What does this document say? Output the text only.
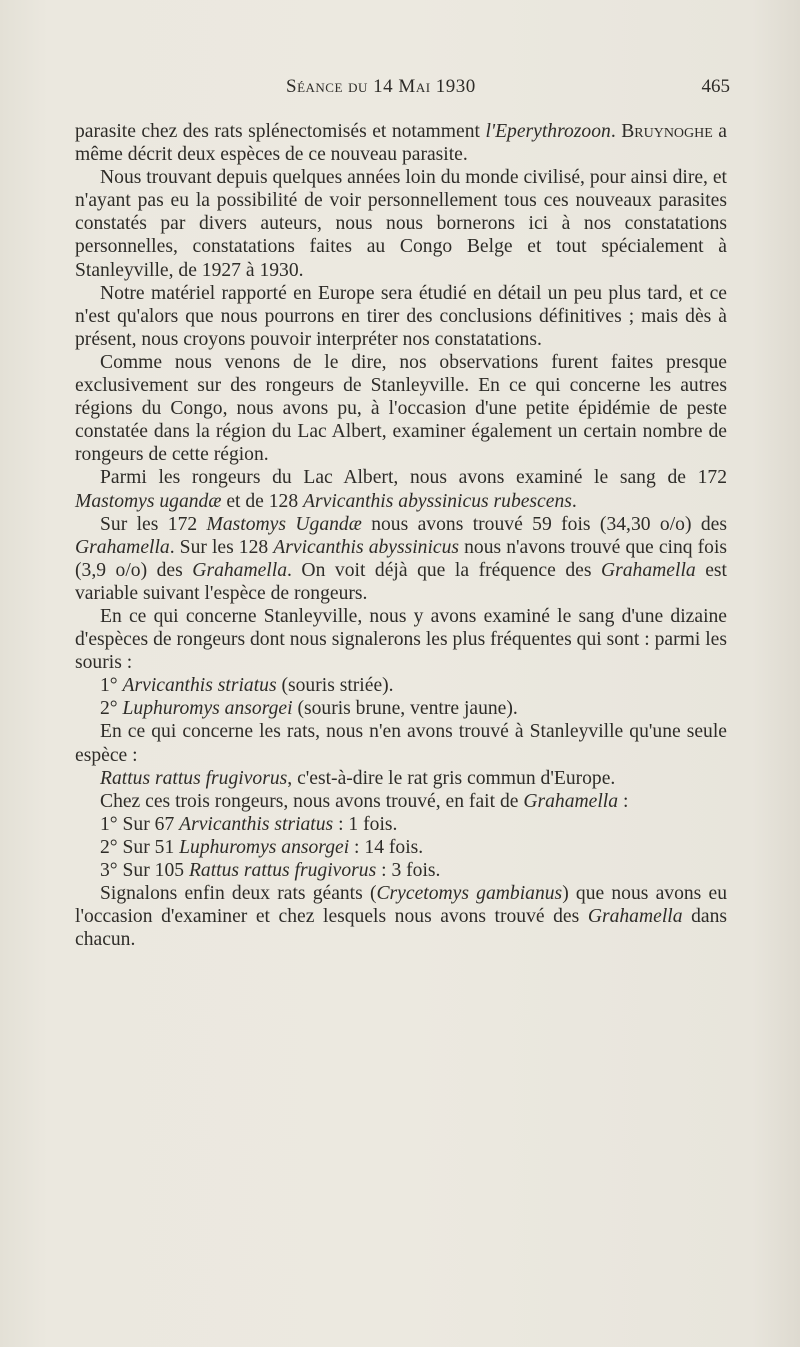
Séance du 14 Mai 1930	465

parasite chez des rats splénectomisés et notamment l'Eperythrozoon. Bruynoghe a même décrit deux espèces de ce nouveau parasite.

Nous trouvant depuis quelques années loin du monde civilisé, pour ainsi dire, et n'ayant pas eu la possibilité de voir personnellement tous ces nouveaux parasites constatés par divers auteurs, nous nous bornerons ici à nos constatations personnelles, constatations faites au Congo Belge et tout spécialement à Stanleyville, de 1927 à 1930.

Notre matériel rapporté en Europe sera étudié en détail un peu plus tard, et ce n'est qu'alors que nous pourrons en tirer des conclusions définitives ; mais dès à présent, nous croyons pouvoir interpréter nos constatations.

Comme nous venons de le dire, nos observations furent faites presque exclusivement sur des rongeurs de Stanleyville. En ce qui concerne les autres régions du Congo, nous avons pu, à l'occasion d'une petite épidémie de peste constatée dans la région du Lac Albert, examiner également un certain nombre de rongeurs de cette région.

Parmi les rongeurs du Lac Albert, nous avons examiné le sang de 172 Mastomys ugandæ et de 128 Arvicanthis abyssinicus rubescens.

Sur les 172 Mastomys Ugandæ nous avons trouvé 59 fois (34,30 o/o) des Grahamella. Sur les 128 Arvicanthis abyssinicus nous n'avons trouvé que cinq fois (3,9 o/o) des Grahamella. On voit déjà que la fréquence des Grahamella est variable suivant l'espèce de rongeurs.

En ce qui concerne Stanleyville, nous y avons examiné le sang d'une dizaine d'espèces de rongeurs dont nous signalerons les plus fréquentes qui sont : parmi les souris :

1° Arvicanthis striatus (souris striée).

2° Luphuromys ansorgei (souris brune, ventre jaune).

En ce qui concerne les rats, nous n'en avons trouvé à Stanleyville qu'une seule espèce :

Rattus rattus frugivorus, c'est-à-dire le rat gris commun d'Europe.

Chez ces trois rongeurs, nous avons trouvé, en fait de Grahamella :

1° Sur 67 Arvicanthis striatus : 1 fois.

2° Sur 51 Luphuromys ansorgei : 14 fois.

3° Sur 105 Rattus rattus frugivorus : 3 fois.

Signalons enfin deux rats géants (Crycetomys gambianus) que nous avons eu l'occasion d'examiner et chez lesquels nous avons trouvé des Grahamella dans chacun.
